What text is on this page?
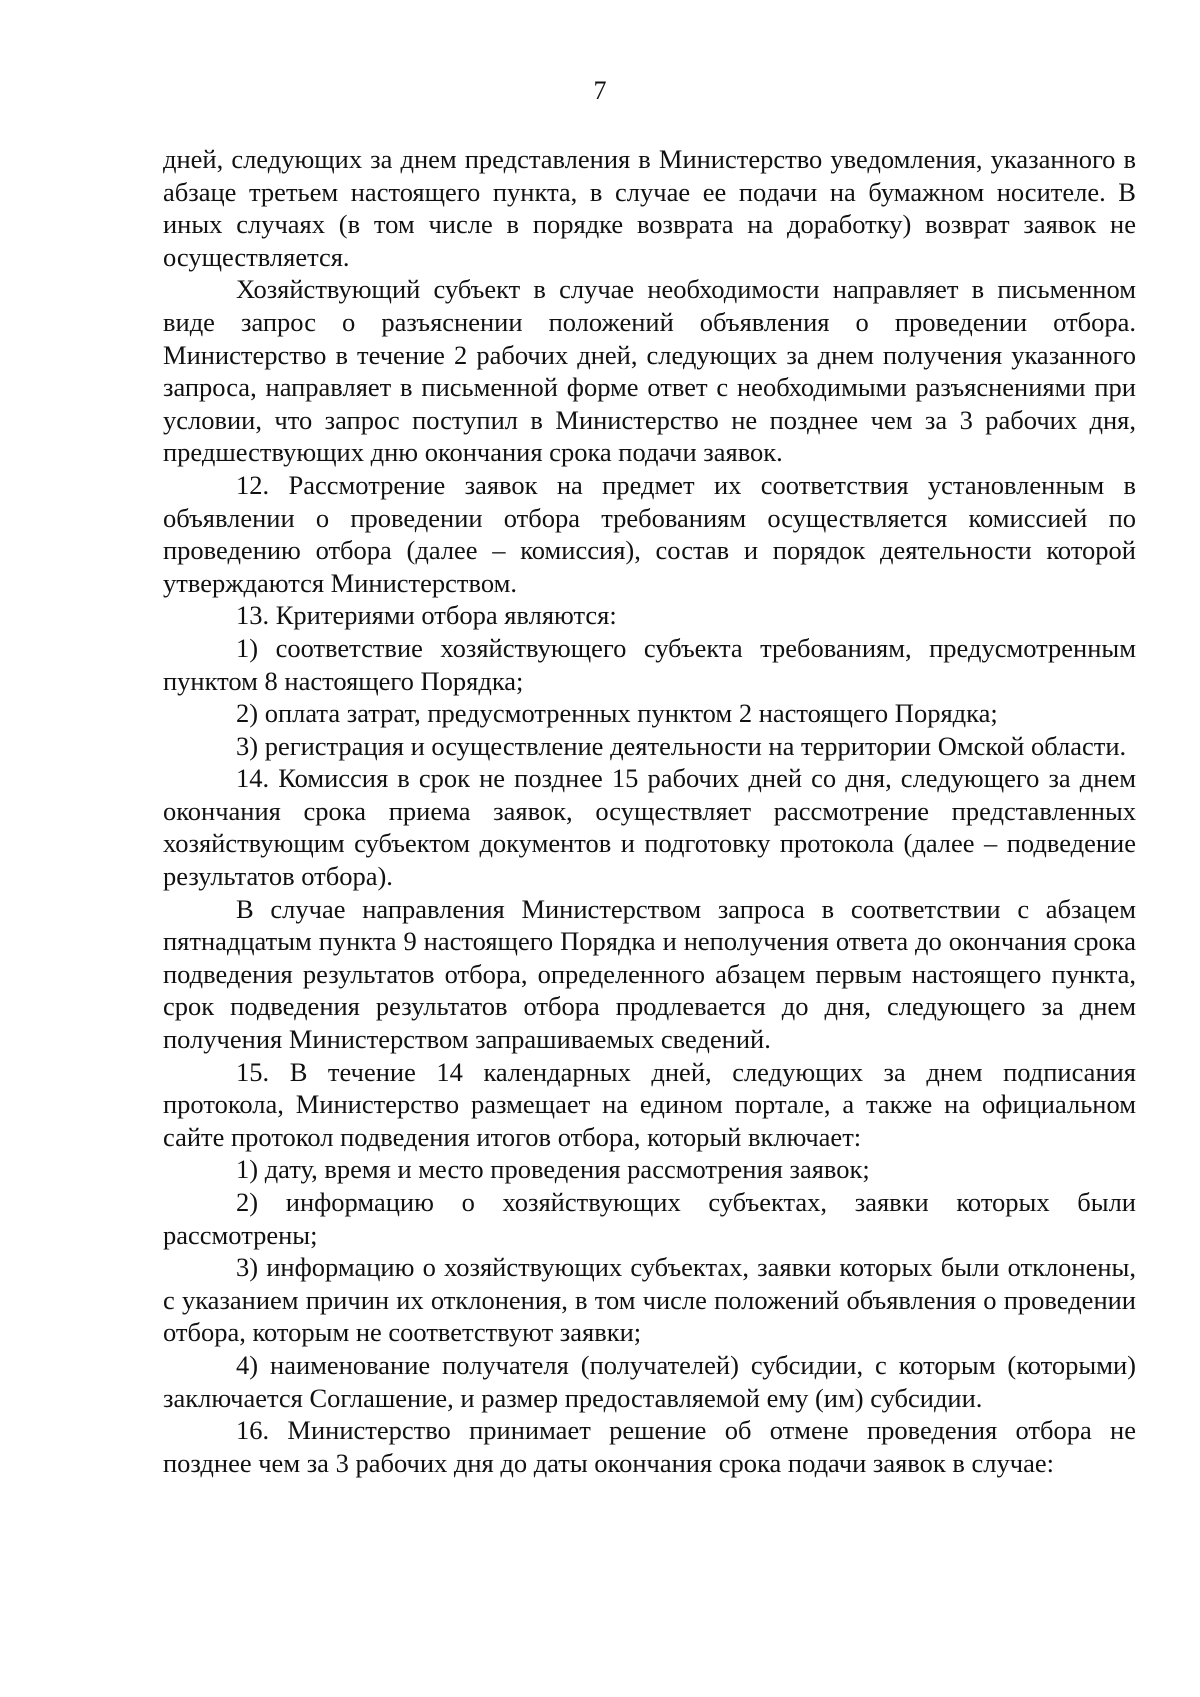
7

дней, следующих за днем представления в Министерство уведомления, указанного в абзаце третьем настоящего пункта, в случае ее подачи на бумажном носителе. В иных случаях (в том числе в порядке возврата на доработку) возврат заявок не осуществляется.

Хозяйствующий субъект в случае необходимости направляет в письменном виде запрос о разъяснении положений объявления о проведении отбора. Министерство в течение 2 рабочих дней, следующих за днем получения указанного запроса, направляет в письменной форме ответ с необходимыми разъяснениями при условии, что запрос поступил в Министерство не позднее чем за 3 рабочих дня, предшествующих дню окончания срока подачи заявок.

12. Рассмотрение заявок на предмет их соответствия установленным в объявлении о проведении отбора требованиям осуществляется комиссией по проведению отбора (далее – комиссия), состав и порядок деятельности которой утверждаются Министерством.

13. Критериями отбора являются:

1) соответствие хозяйствующего субъекта требованиям, предусмотренным пунктом 8 настоящего Порядка;

2) оплата затрат, предусмотренных пунктом 2 настоящего Порядка;

3) регистрация и осуществление деятельности на территории Омской области.

14. Комиссия в срок не позднее 15 рабочих дней со дня, следующего за днем окончания срока приема заявок, осуществляет рассмотрение представленных хозяйствующим субъектом документов и подготовку протокола (далее – подведение результатов отбора).

В случае направления Министерством запроса в соответствии с абзацем пятнадцатым пункта 9 настоящего Порядка и неполучения ответа до окончания срока подведения результатов отбора, определенного абзацем первым настоящего пункта, срок подведения результатов отбора продлевается до дня, следующего за днем получения Министерством запрашиваемых сведений.

15. В течение 14 календарных дней, следующих за днем подписания протокола, Министерство размещает на едином портале, а также на официальном сайте протокол подведения итогов отбора, который включает:

1) дату, время и место проведения рассмотрения заявок;

2) информацию о хозяйствующих субъектах, заявки которых были рассмотрены;

3) информацию о хозяйствующих субъектах, заявки которых были отклонены, с указанием причин их отклонения, в том числе положений объявления о проведении отбора, которым не соответствуют заявки;

4) наименование получателя (получателей) субсидии, с которым (которыми) заключается Соглашение, и размер предоставляемой ему (им) субсидии.

16. Министерство принимает решение об отмене проведения отбора не позднее чем за 3 рабочих дня до даты окончания срока подачи заявок в случае:
